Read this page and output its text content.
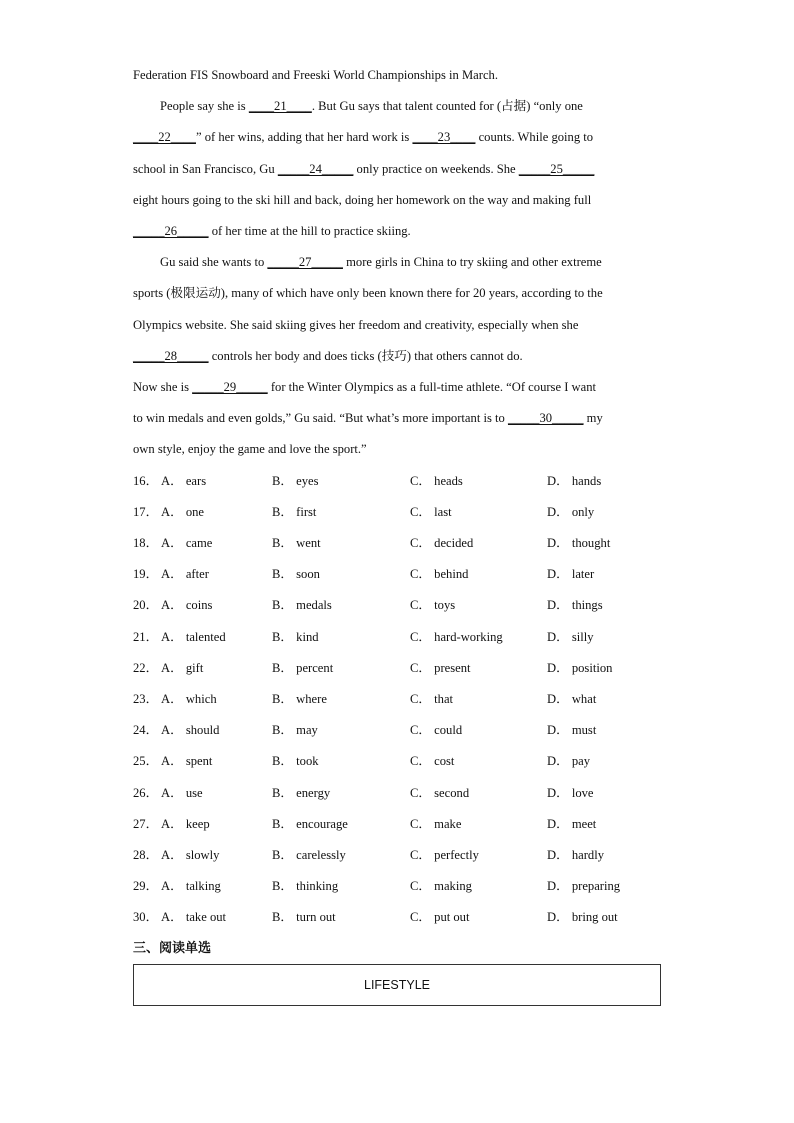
Federation FIS Snowboard and Freeski World Championships in March.

People say she is ____21____. But Gu says that talent counted for (占据) “only one

____22____” of her wins, adding that her hard work is ____23____ counts. While going to

school in San Francisco, Gu _____24_____ only practice on weekends. She _____25_____

eight hours going to the ski hill and back, doing her homework on the way and making full

_____26_____ of her time at the hill to practice skiing.

Gu said she wants to _____27_____ more girls in China to try skiing and other extreme

sports (极限运动), many of which have only been known there for 20 years, according to the

Olympics website. She said skiing gives her freedom and creativity, especially when she

_____28_____ controls her body and does ticks (技巧) that others cannot do.

Now she is _____29_____ for the Winter Olympics as a full-time athlete. “Of course I want

to win medals and even golds,” Gu said. “But what’s more important is to _____30_____ my

own style, enjoy the game and love the sport.”

16． A． ears	B． eyes	C． heads	D． hands
17． A． one	B． first	C． last	D． only
18． A． came	B． went	C． decided	D． thought
19． A． after	B． soon	C． behind	D． later
20． A． coins	B． medals	C． toys	D． things
21． A． talented	B． kind	C． hard-working	D． silly
22． A． gift	B． percent	C． present	D． position
23． A． which	B． where	C． that	D． what
24． A． should	B． may	C． could	D． must
25． A． spent	B． took	C． cost	D． pay
26． A． use	B． energy	C． second	D． love
27． A． keep	B． encourage	C． make	D． meet
28． A． slowly	B． carelessly	C． perfectly	D． hardly
29． A． talking	B． thinking	C． making	D． preparing
30． A． take out	B． turn out	C． put out	D． bring out
三、阅读单选
LIFESTYLE
